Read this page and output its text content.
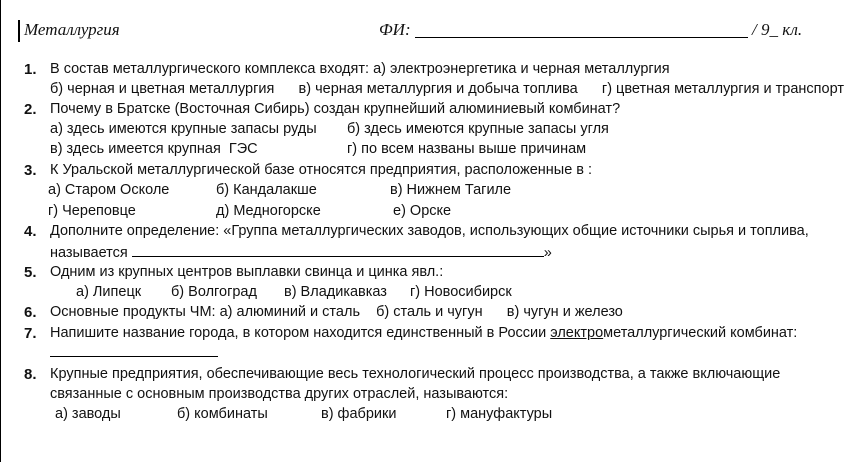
Металлургия	ФИ:	/ 9_ кл.
1. В состав металлургического комплекса входят: а) электроэнергетика и черная металлургия
б) черная и цветная металлургия      в) черная металлургия и добыча топлива      г) цветная металлургия и транспорт
2. Почему в Братске (Восточная Сибирь) создан крупнейший алюминиевый комбинат?
а) здесь имеются крупные запасы руды б) здесь имеются крупные запасы угля
в) здесь имеется крупная  ГЭС	г) по всем названы выше причинам
3. К Уральской металлургической базе относятся предприятия, расположенные в :
а) Старом Осколе	б) Кандалакше	в) Нижнем Тагиле
г) Череповце	д) Медногорске	е) Орске
4. Дополните определение: «Группа металлургических заводов, использующих общие источники сырья и топлива,
называется	»
5. Одним из крупных центров выплавки свинца и цинка явл.:
а) Липецк б) Волгоград в) Владикавказ г) Новосибирск
6. Основные продукты ЧМ: а) алюминий и сталь    б) сталь и чугун      в) чугун и железо
7. Напишите название города, в котором находится единственный в России электрометаллургический комбинат:
8. Крупные предприятия, обеспечивающие весь технологический процесс производства, а также включающие
связанные с основным производства других отраслей, называются:
а) заводы	б) комбинаты	в) фабрики	г) мануфактуры
